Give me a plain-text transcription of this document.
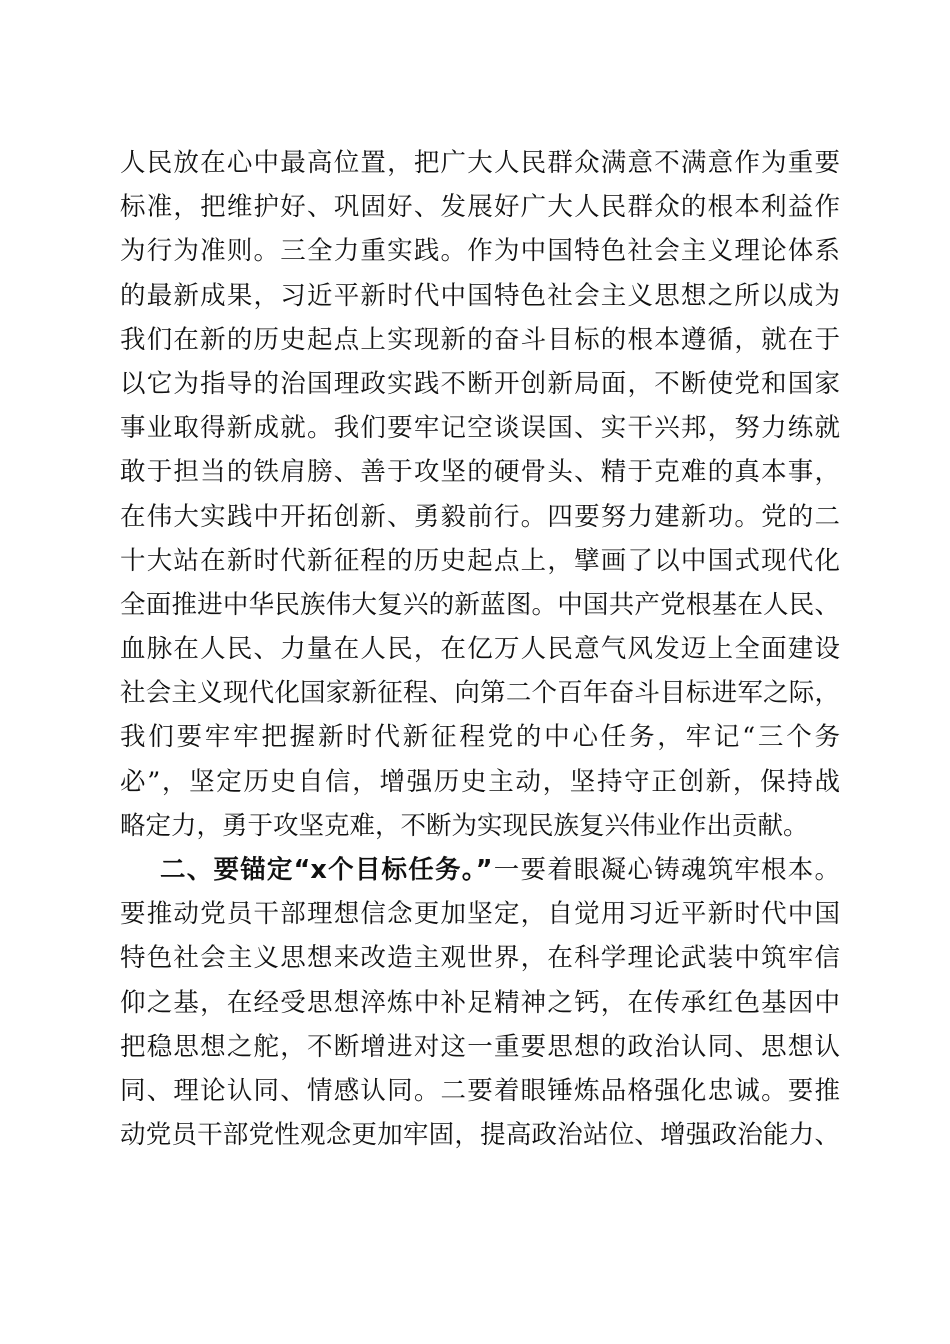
人民放在心中最高位置，把广大人民群众满意不满意作为重要
标准，把维护好、巩固好、发展好广大人民群众的根本利益作
为行为准则。三全力重实践。作为中国特色社会主义理论体系
的最新成果，习近平新时代中国特色社会主义思想之所以成为
我们在新的历史起点上实现新的奋斗目标的根本遵循，就在于
以它为指导的治国理政实践不断开创新局面，不断使党和国家
事业取得新成就。我们要牢记空谈误国、实干兴邦，努力练就
敢于担当的铁肩膀、善于攻坚的硬骨头、精于克难的真本事，
在伟大实践中开拓创新、勇毅前行。四要努力建新功。党的二
十大站在新时代新征程的历史起点上，擘画了以中国式现代化
全面推进中华民族伟大复兴的新蓝图。中国共产党根基在人民、
血脉在人民、力量在人民，在亿万人民意气风发迈上全面建设
社会主义现代化国家新征程、向第二个百年奋斗目标进军之际，
我们要牢牢把握新时代新征程党的中心任务，牢记“三个务
必”，坚定历史自信，增强历史主动，坚持守正创新，保持战
略定力，勇于攻坚克难，不断为实现民族复兴伟业作出贡献。
二、要锚定“x个目标任务。”一要着眼凝心铸魂筑牢根本。
要推动党员干部理想信念更加坚定，自觉用习近平新时代中国
特色社会主义思想来改造主观世界，在科学理论武装中筑牢信
仰之基，在经受思想淬炼中补足精神之钙，在传承红色基因中
把稳思想之舵，不断增进对这一重要思想的政治认同、思想认
同、理论认同、情感认同。二要着眼锤炼品格强化忠诚。要推
动党员干部党性观念更加牢固，提高政治站位、增强政治能力、
